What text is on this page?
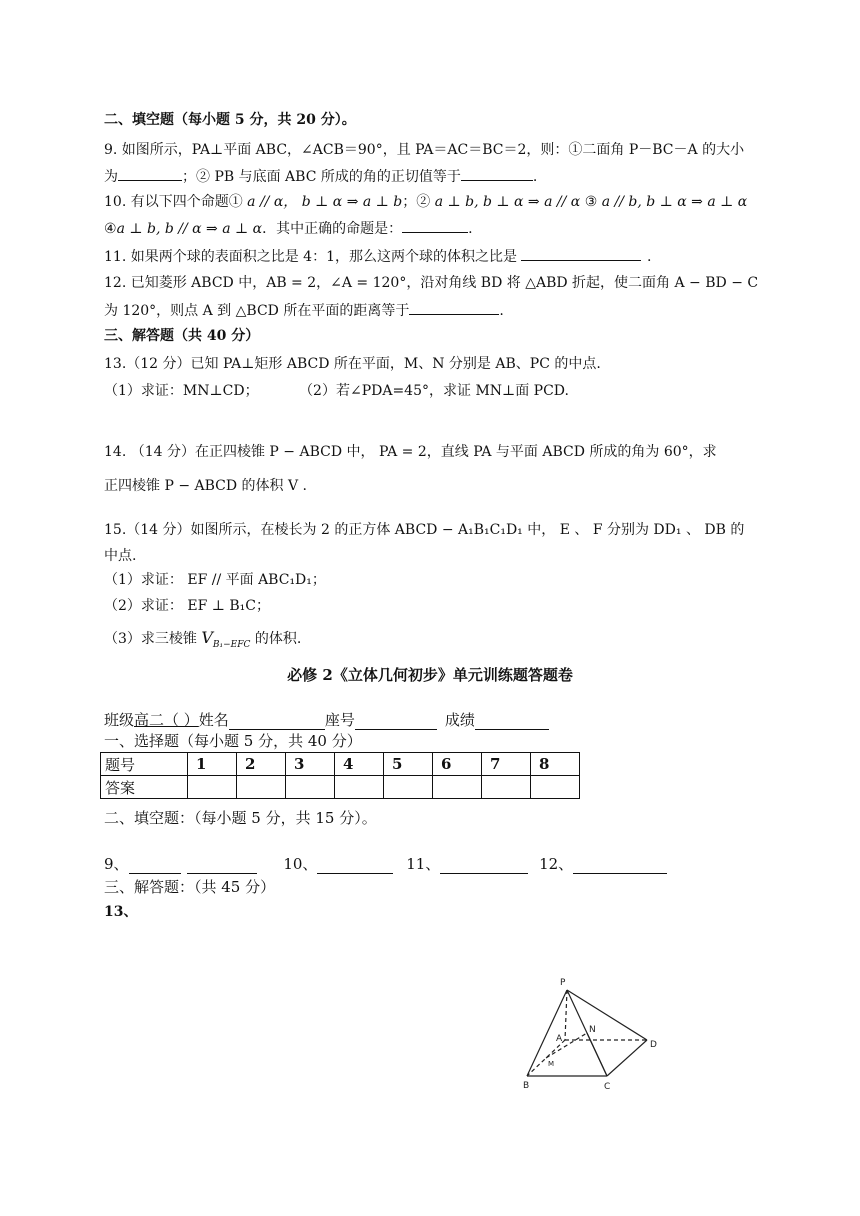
二、填空题（每小题 5 分，共 20 分）。
9. 如图所示，PA⊥平面 ABC，∠ACB＝90°，且 PA＝AC＝BC＝2，则：①二面角 P－BC－A 的大小
为	；② PB 与底面 ABC 所成的角的正切值等于	.
10. 有以下四个命题① a // α， b ⊥ α ⇒ a ⊥ b；② a ⊥ b, b ⊥ α ⇒ a // α ③ a // b, b ⊥ α ⇒ a ⊥ α
④a ⊥ b, b // α ⇒ a ⊥ α．其中正确的命题是：	.
11. 如果两个球的表面积之比是 4：1，那么这两个球的体积之比是	.
12. 已知菱形 ABCD 中，AB = 2，∠A = 120°，沿对角线 BD 将 △ABD 折起，使二面角 A − BD − C
为 120°，则点 A 到 △BCD 所在平面的距离等于	.
三、解答题（共 40 分）
13.（12 分）已知 PA⊥矩形 ABCD 所在平面，M、N 分别是 AB、PC 的中点.
（1）求证：MN⊥CD；	（2）若∠PDA=45°，求证 MN⊥面 PCD.
14. （14 分）在正四棱锥 P − ABCD 中， PA = 2，直线 PA 与平面 ABCD 所成的角为 60°，求
正四棱锥 P − ABCD 的体积 V .
15.（14 分）如图所示，在棱长为 2 的正方体 ABCD − A₁B₁C₁D₁ 中， E 、 F 分别为 DD₁ 、 DB 的
中点.
（1）求证： EF // 平面 ABC₁D₁；
（2）求证： EF ⊥ B₁C；
（3）求三棱锥 $V_{B_1-EFC}$ 的体积.
必修 2《立体几何初步》单元训练题答题卷
班级高二（ ）姓名	座号	成绩
一、选择题（每小题 5 分，共 40 分）
题号	1	2	3	4	5	6	7	8
答案								
二、填空题：（每小题 5 分，共 15 分）。
9、	10、	11、	12、
三、解答题：（共 45 分）
13、
P
A
N
M
B	C
D
